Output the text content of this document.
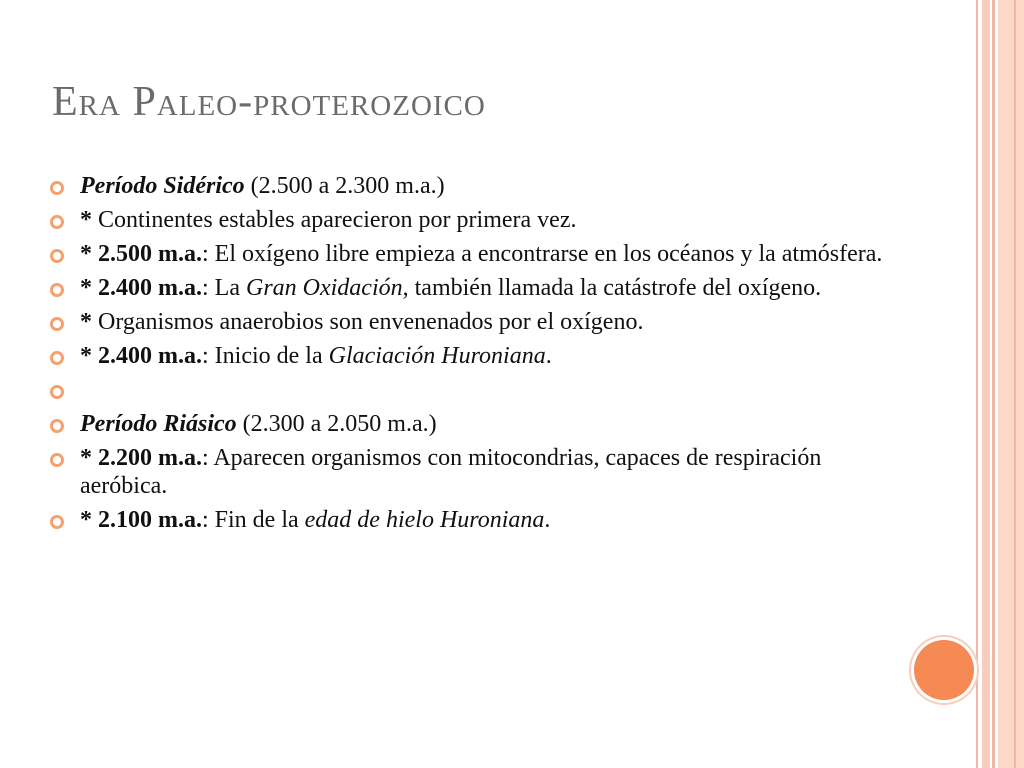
Era Paleo-proterozoico
Período Sidérico (2.500 a 2.300 m.a.)
* Continentes estables aparecieron por primera vez.
* 2.500 m.a.: El oxígeno libre empieza a encontrarse en los océanos y la atmósfera.
* 2.400 m.a.: La Gran Oxidación, también llamada la catástrofe del oxígeno.
* Organismos anaerobios son envenenados por el oxígeno.
* 2.400 m.a.: Inicio de la Glaciación Huroniana.
Período Riásico (2.300 a 2.050 m.a.)
* 2.200 m.a.: Aparecen organismos con mitocondrias, capaces de respiración aeróbica.
* 2.100 m.a.: Fin de la edad de hielo Huroniana.
